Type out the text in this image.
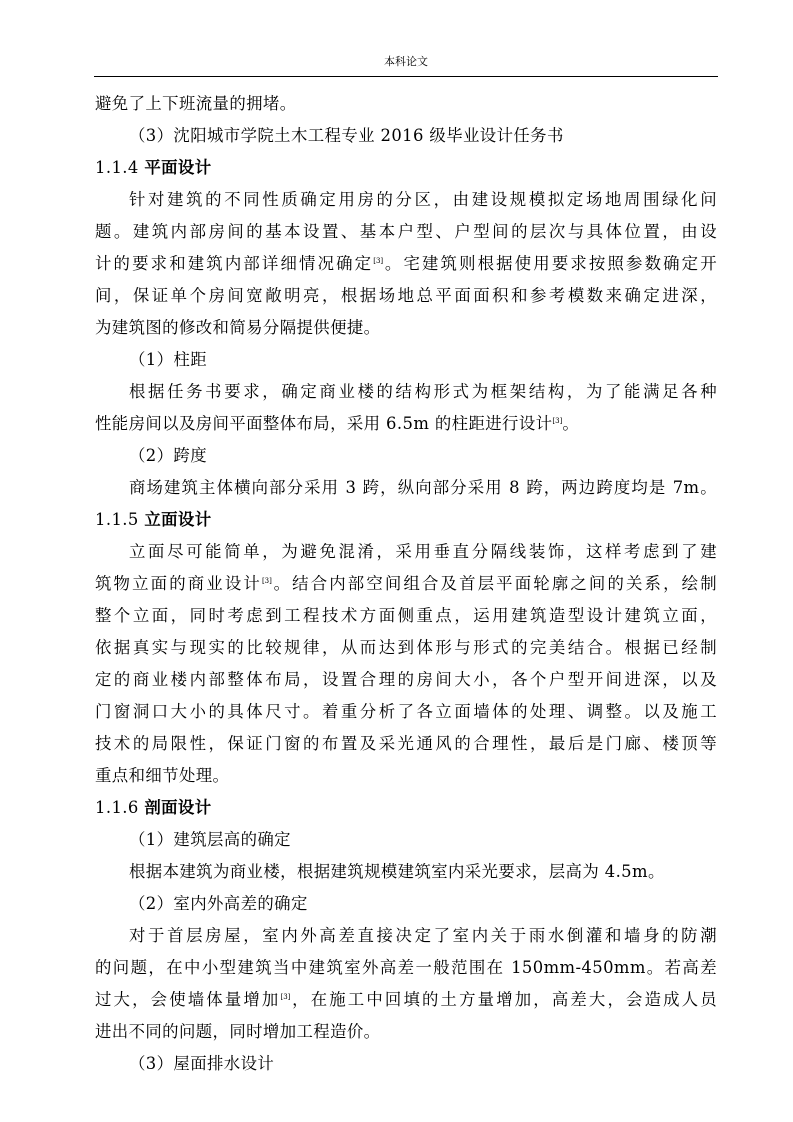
本科论文
避免了上下班流量的拥堵。
（3）沈阳城市学院土木工程专业 2016 级毕业设计任务书
1.1.4 平面设计
针对建筑的不同性质确定用房的分区，由建设规模拟定场地周围绿化问
题。建筑内部房间的基本设置、基本户型、户型间的层次与具体位置，由设
计的要求和建筑内部详细情况确定[3]。宅建筑则根据使用要求按照参数确定开
间，保证单个房间宽敞明亮，根据场地总平面面积和参考模数来确定进深，
为建筑图的修改和简易分隔提供便捷。
（1）柱距
根据任务书要求，确定商业楼的结构形式为框架结构，为了能满足各种
性能房间以及房间平面整体布局，采用 6.5m 的柱距进行设计[3]。
（2）跨度
商场建筑主体横向部分采用 3 跨，纵向部分采用 8 跨，两边跨度均是 7m。
1.1.5 立面设计
立面尽可能简单，为避免混淆，采用垂直分隔线装饰，这样考虑到了建
筑物立面的商业设计[3]。结合内部空间组合及首层平面轮廓之间的关系，绘制
整个立面，同时考虑到工程技术方面侧重点，运用建筑造型设计建筑立面，
依据真实与现实的比较规律，从而达到体形与形式的完美结合。根据已经制
定的商业楼内部整体布局，设置合理的房间大小，各个户型开间进深，以及
门窗洞口大小的具体尺寸。着重分析了各立面墙体的处理、调整。以及施工
技术的局限性，保证门窗的布置及采光通风的合理性，最后是门廊、楼顶等
重点和细节处理。
1.1.6 剖面设计
（1）建筑层高的确定
根据本建筑为商业楼，根据建筑规模建筑室内采光要求，层高为 4.5m。
（2）室内外高差的确定
对于首层房屋，室内外高差直接决定了室内关于雨水倒灌和墙身的防潮
的问题，在中小型建筑当中建筑室外高差一般范围在 150mm-450mm。若高差
过大，会使墙体量增加[3]，在施工中回填的土方量增加，高差大，会造成人员
进出不同的问题，同时增加工程造价。
（3）屋面排水设计
